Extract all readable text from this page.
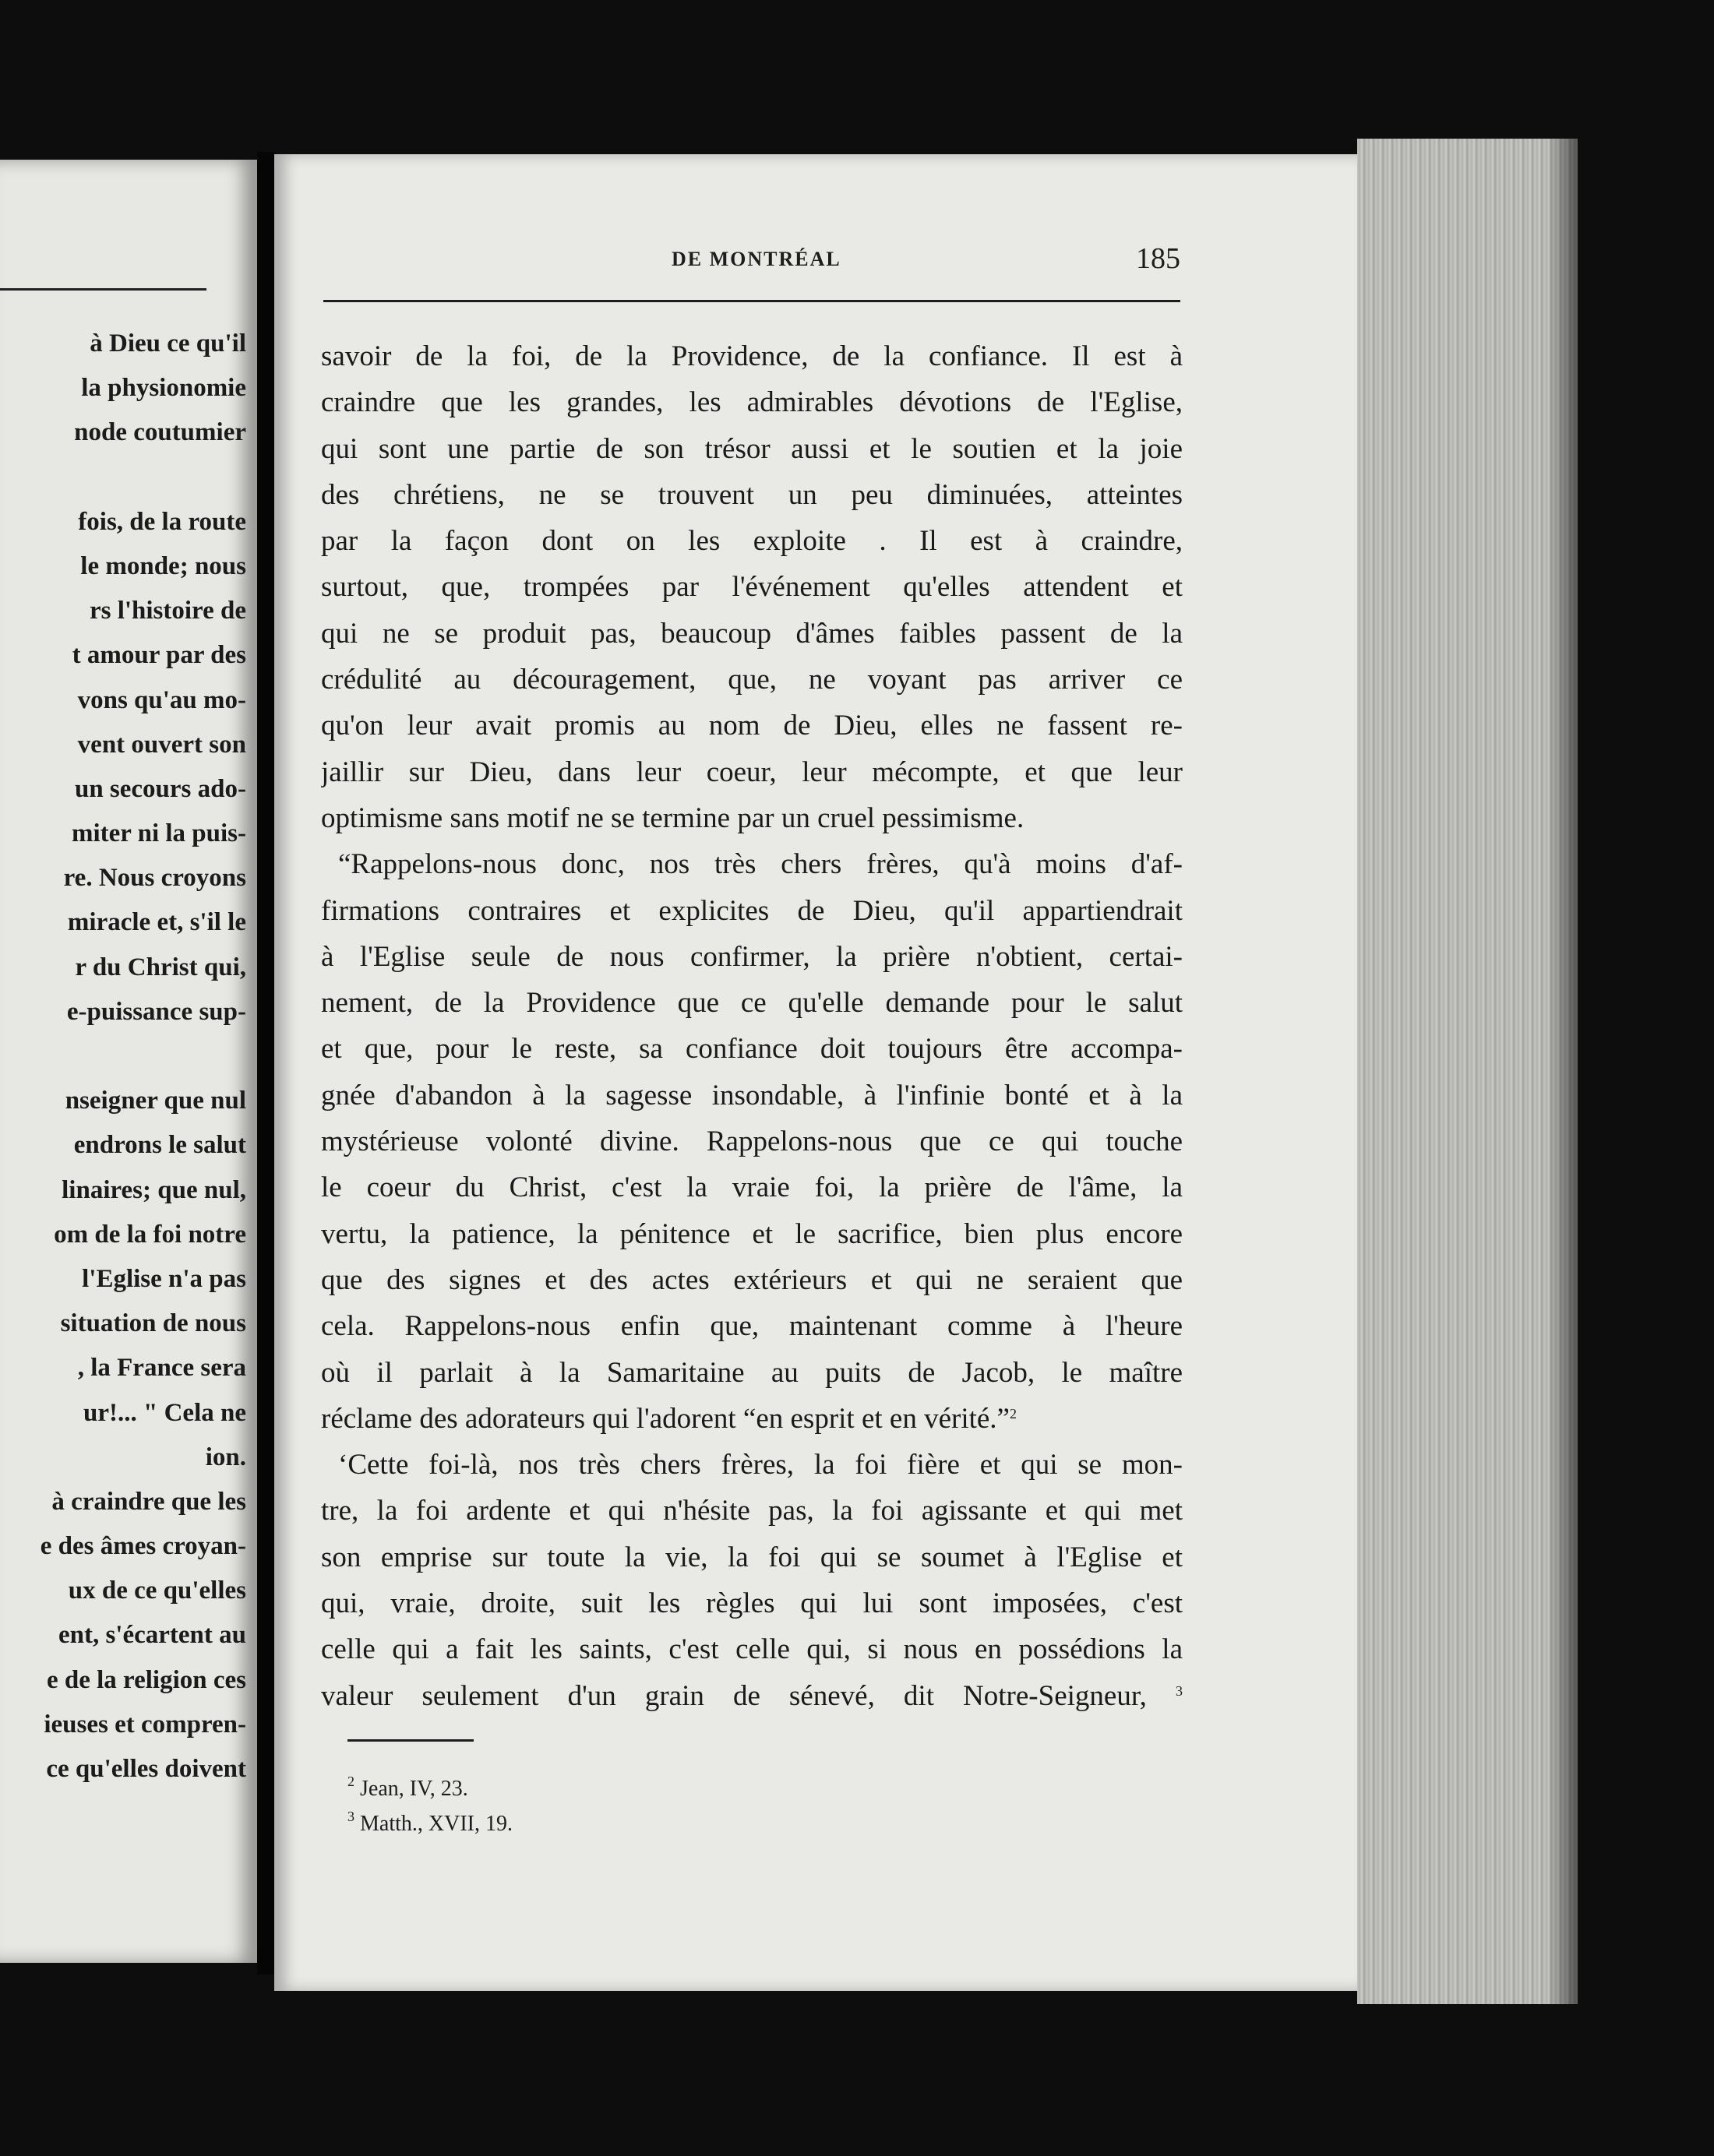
à Dieu ce qu'il
la physionomie
node coutumier
fois, de la route
le monde; nous
rs l'histoire de
t amour par des
vons qu'au mo-
vent ouvert son
un secours ado-
miter ni la puis-
re. Nous croyons
miracle et, s'il le
r du Christ qui,
e-puissance sup-
nseigner que nul
endrons le salut
linaires; que nul,
om de la foi notre
l'Eglise n'a pas
situation de nous
, la France sera
ur!... " Cela ne
ion.
à craindre que les
e des âmes croyan-
ux de ce qu'elles
ent, s'écartent au
e de la religion ces
ieuses et compren-
ce qu'elles doivent
DE MONTRÉAL	185
savoir de la foi, de la Providence, de la confiance. Il est à
craindre que les grandes, les admirables dévotions de l'Eglise,
qui sont une partie de son trésor aussi et le soutien et la joie
des chrétiens, ne se trouvent un peu diminuées, atteintes
par la façon dont on les exploite . Il est à craindre,
surtout, que, trompées par l'événement qu'elles attendent et
qui ne se produit pas, beaucoup d'âmes faibles passent de la
crédulité au découragement, que, ne voyant pas arriver ce
qu'on leur avait promis au nom de Dieu, elles ne fassent re-
jaillir sur Dieu, dans leur coeur, leur mécompte, et que leur
optimisme sans motif ne se termine par un cruel pessimisme.
“Rappelons-nous donc, nos très chers frères, qu'à moins d'af-
firmations contraires et explicites de Dieu, qu'il appartiendrait
à l'Eglise seule de nous confirmer, la prière n'obtient, certai-
nement, de la Providence que ce qu'elle demande pour le salut
et que, pour le reste, sa confiance doit toujours être accompa-
gnée d'abandon à la sagesse insondable, à l'infinie bonté et à la
mystérieuse volonté divine. Rappelons-nous que ce qui touche
le coeur du Christ, c'est la vraie foi, la prière de l'âme, la
vertu, la patience, la pénitence et le sacrifice, bien plus encore
que des signes et des actes extérieurs et qui ne seraient que
cela. Rappelons-nous enfin que, maintenant comme à l'heure
où il parlait à la Samaritaine au puits de Jacob, le maître
réclame des adorateurs qui l'adorent “en esprit et en vérité.”$^2$
‘Cette foi-là, nos très chers frères, la foi fière et qui se mon-
tre, la foi ardente et qui n'hésite pas, la foi agissante et qui met
son emprise sur toute la vie, la foi qui se soumet à l'Eglise et
qui, vraie, droite, suit les règles qui lui sont imposées, c'est
celle qui a fait les saints, c'est celle qui, si nous en possédions la
valeur seulement d'un grain de sénevé, dit Notre-Seigneur, $^3$
$^2$ Jean, IV, 23.
$^3$ Matth., XVII, 19.
